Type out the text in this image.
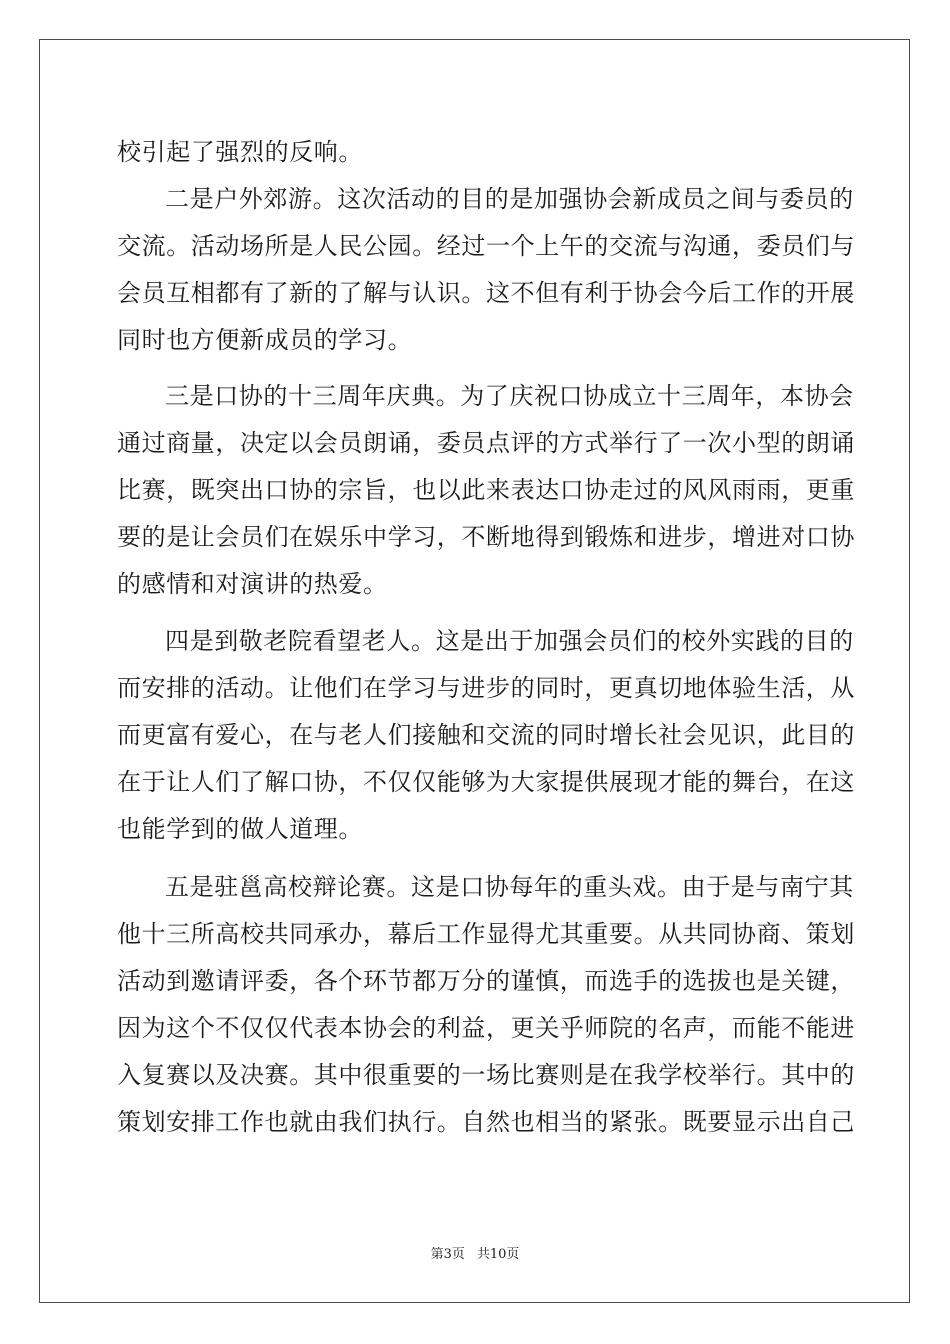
校引起了强烈的反响。
二是户外郊游。这次活动的目的是加强协会新成员之间与委员的
交流。活动场所是人民公园。经过一个上午的交流与沟通，委员们与
会员互相都有了新的了解与认识。这不但有利于协会今后工作的开展
同时也方便新成员的学习。
三是口协的十三周年庆典。为了庆祝口协成立十三周年，本协会
通过商量，决定以会员朗诵，委员点评的方式举行了一次小型的朗诵
比赛，既突出口协的宗旨，也以此来表达口协走过的风风雨雨，更重
要的是让会员们在娱乐中学习，不断地得到锻炼和进步，增进对口协
的感情和对演讲的热爱。
四是到敬老院看望老人。这是出于加强会员们的校外实践的目的
而安排的活动。让他们在学习与进步的同时，更真切地体验生活，从
而更富有爱心，在与老人们接触和交流的同时增长社会见识，此目的
在于让人们了解口协，不仅仅能够为大家提供展现才能的舞台，在这
也能学到的做人道理。
五是驻邕高校辩论赛。这是口协每年的重头戏。由于是与南宁其
他十三所高校共同承办，幕后工作显得尤其重要。从共同协商、策划
活动到邀请评委，各个环节都万分的谨慎，而选手的选拔也是关键，
因为这个不仅仅代表本协会的利益，更关乎师院的名声，而能不能进
入复赛以及决赛。其中很重要的一场比赛则是在我学校举行。其中的
策划安排工作也就由我们执行。自然也相当的紧张。既要显示出自己
第3页 共10页
